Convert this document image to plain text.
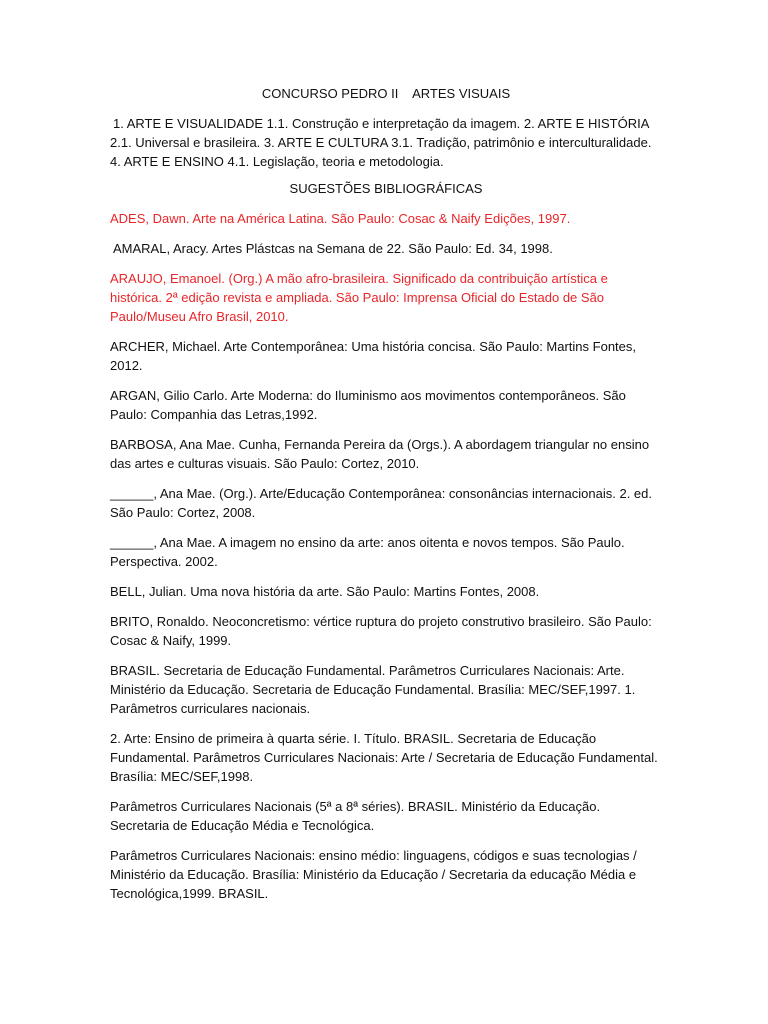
CONCURSO PEDRO II    ARTES VISUAIS

1. ARTE E VISUALIDADE 1.1. Construção e interpretação da imagem. 2. ARTE E HISTÓRIA 2.1. Universal e brasileira. 3. ARTE E CULTURA 3.1. Tradição, patrimônio e interculturalidade. 4. ARTE E ENSINO 4.1. Legislação, teoria e metodologia.

SUGESTÕES BIBLIOGRÁFICAS

ADES, Dawn. Arte na América Latina. São Paulo: Cosac & Naify Edições, 1997.

AMARAL, Aracy. Artes Plástcas na Semana de 22. São Paulo: Ed. 34, 1998.

ARAUJO, Emanoel. (Org.) A mão afro-brasileira. Significado da contribuição artística e histórica. 2ª edição revista e ampliada. São Paulo: Imprensa Oficial do Estado de São Paulo/Museu Afro Brasil, 2010.

ARCHER, Michael. Arte Contemporânea: Uma história concisa. São Paulo: Martins Fontes, 2012.

ARGAN, Gilio Carlo. Arte Moderna: do Iluminismo aos movimentos contemporâneos. São Paulo: Companhia das Letras,1992.

BARBOSA, Ana Mae. Cunha, Fernanda Pereira da (Orgs.). A abordagem triangular no ensino das artes e culturas visuais. São Paulo: Cortez, 2010.

______, Ana Mae. (Org.). Arte/Educação Contemporânea: consonâncias internacionais. 2. ed. São Paulo: Cortez, 2008.

______, Ana Mae. A imagem no ensino da arte: anos oitenta e novos tempos. São Paulo. Perspectiva. 2002.

BELL, Julian. Uma nova história da arte. São Paulo: Martins Fontes, 2008.

BRITO, Ronaldo. Neoconcretismo: vértice ruptura do projeto construtivo brasileiro. São Paulo: Cosac & Naify, 1999.

BRASIL. Secretaria de Educação Fundamental. Parâmetros Curriculares Nacionais: Arte. Ministério da Educação. Secretaria de Educação Fundamental. Brasília: MEC/SEF,1997. 1. Parâmetros curriculares nacionais.

2. Arte: Ensino de primeira à quarta série. I. Título. BRASIL. Secretaria de Educação Fundamental. Parâmetros Curriculares Nacionais: Arte / Secretaria de Educação Fundamental. Brasília: MEC/SEF,1998.

Parâmetros Curriculares Nacionais (5ª a 8ª séries). BRASIL. Ministério da Educação. Secretaria de Educação Média e Tecnológica.

Parâmetros Curriculares Nacionais: ensino médio: linguagens, códigos e suas tecnologias / Ministério da Educação. Brasília: Ministério da Educação / Secretaria da educação Média e Tecnológica,1999. BRASIL.
